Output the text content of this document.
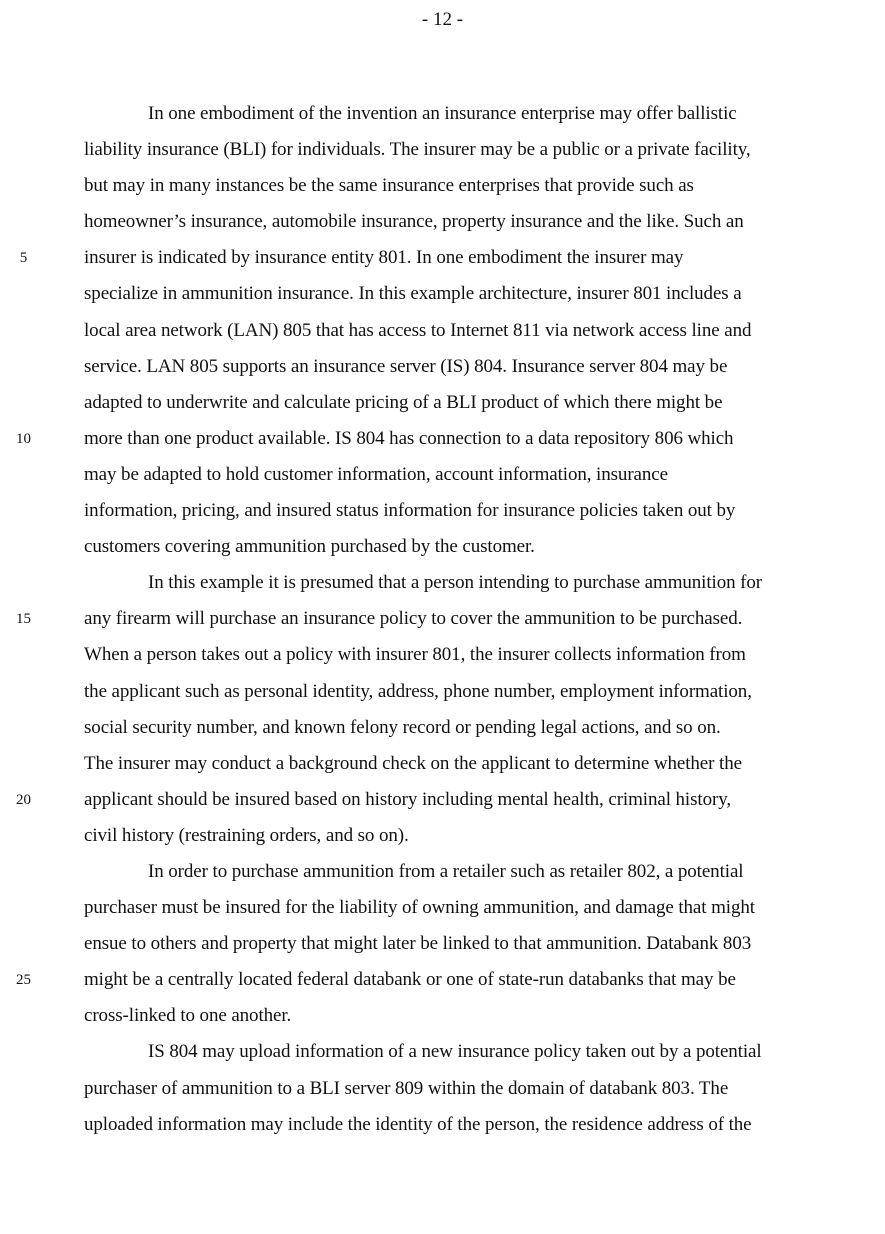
- 12 -
In one embodiment of the invention an insurance enterprise may offer ballistic
liability insurance (BLI) for individuals. The insurer may be a public or a private facility,
but may in many instances be the same insurance enterprises that provide such as
homeowner’s insurance, automobile insurance, property insurance and the like. Such an
5	insurer is indicated by insurance entity 801. In one embodiment the insurer may
specialize in ammunition insurance. In this example architecture, insurer 801 includes a
local area network (LAN) 805 that has access to Internet 811 via network access line and
service. LAN 805 supports an insurance server (IS) 804. Insurance server 804 may be
adapted to underwrite and calculate pricing of a BLI product of which there might be
10	more than one product available. IS 804 has connection to a data repository 806 which
may be adapted to hold customer information, account information, insurance
information, pricing, and insured status information for insurance policies taken out by
customers covering ammunition purchased by the customer.
In this example it is presumed that a person intending to purchase ammunition for
15	any firearm will purchase an insurance policy to cover the ammunition to be purchased.
When a person takes out a policy with insurer 801, the insurer collects information from
the applicant such as personal identity, address, phone number, employment information,
social security number, and known felony record or pending legal actions, and so on.
The insurer may conduct a background check on the applicant to determine whether the
20	applicant should be insured based on history including mental health, criminal history,
civil history (restraining orders, and so on).
In order to purchase ammunition from a retailer such as retailer 802, a potential
purchaser must be insured for the liability of owning ammunition, and damage that might
ensue to others and property that might later be linked to that ammunition. Databank 803
25	might be a centrally located federal databank or one of state-run databanks that may be
cross-linked to one another.
IS 804 may upload information of a new insurance policy taken out by a potential
purchaser of ammunition to a BLI server 809 within the domain of databank 803. The
uploaded information may include the identity of the person, the residence address of the
